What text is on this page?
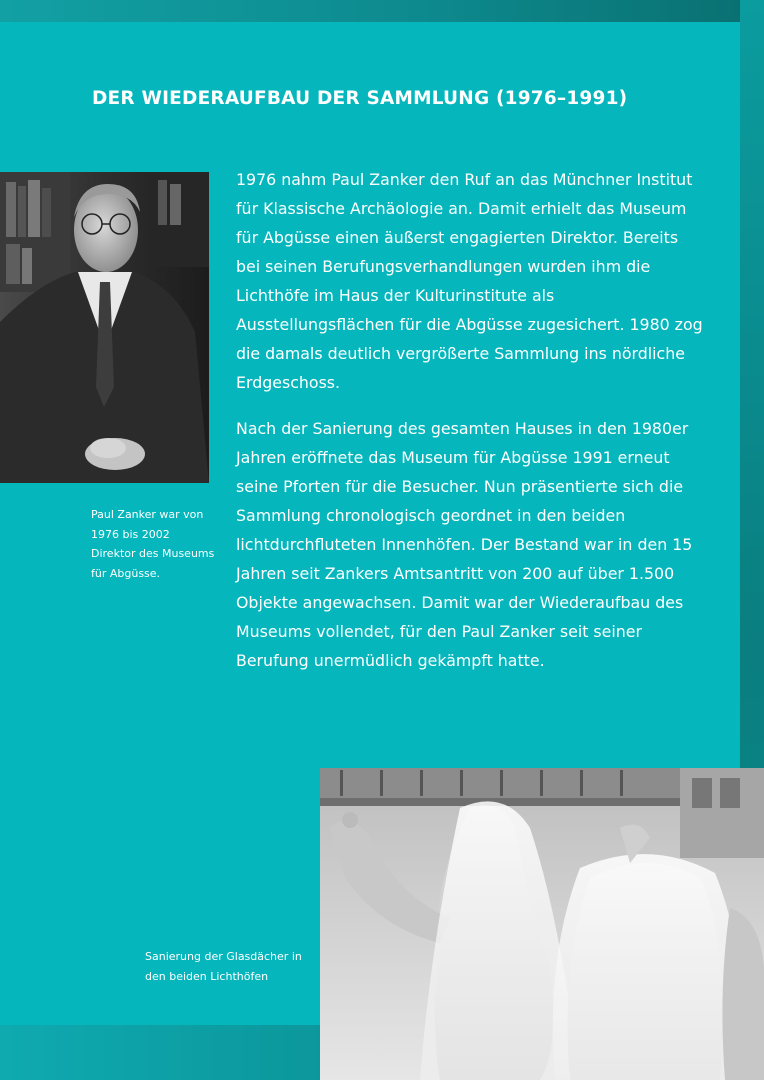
DER WIEDERAUFBAU DER SAMMLUNG (1976–1991)

Paul Zanker war von 1976 bis 2002 Direktor des Museums für Abgüsse.

1976 nahm Paul Zanker den Ruf an das Münchner Institut für Klassische Archäologie an. Damit erhielt das Museum für Abgüsse einen äußerst engagierten Direktor. Bereits bei seinen Berufungsverhandlungen wurden ihm die Lichthöfe im Haus der Kulturinstitute als Ausstellungsflächen für die Abgüsse zugesichert. 1980 zog die damals deutlich vergrößerte Sammlung ins nördliche Erdgeschoss.

Nach der Sanierung des gesamten Hauses in den 1980er Jahren eröffnete das Museum für Abgüsse 1991 erneut seine Pforten für die Besucher. Nun präsentierte sich die Sammlung chronologisch geordnet in den beiden lichtdurchfluteten Innenhöfen. Der Bestand war in den 15 Jahren seit Zankers Amtsantritt von 200 auf über 1.500 Objekte angewachsen. Damit war der Wiederaufbau des Museums vollendet, für den Paul Zanker seit seiner Berufung unermüdlich gekämpft hatte.

Sanierung der Glasdächer in den beiden Lichthöfen
